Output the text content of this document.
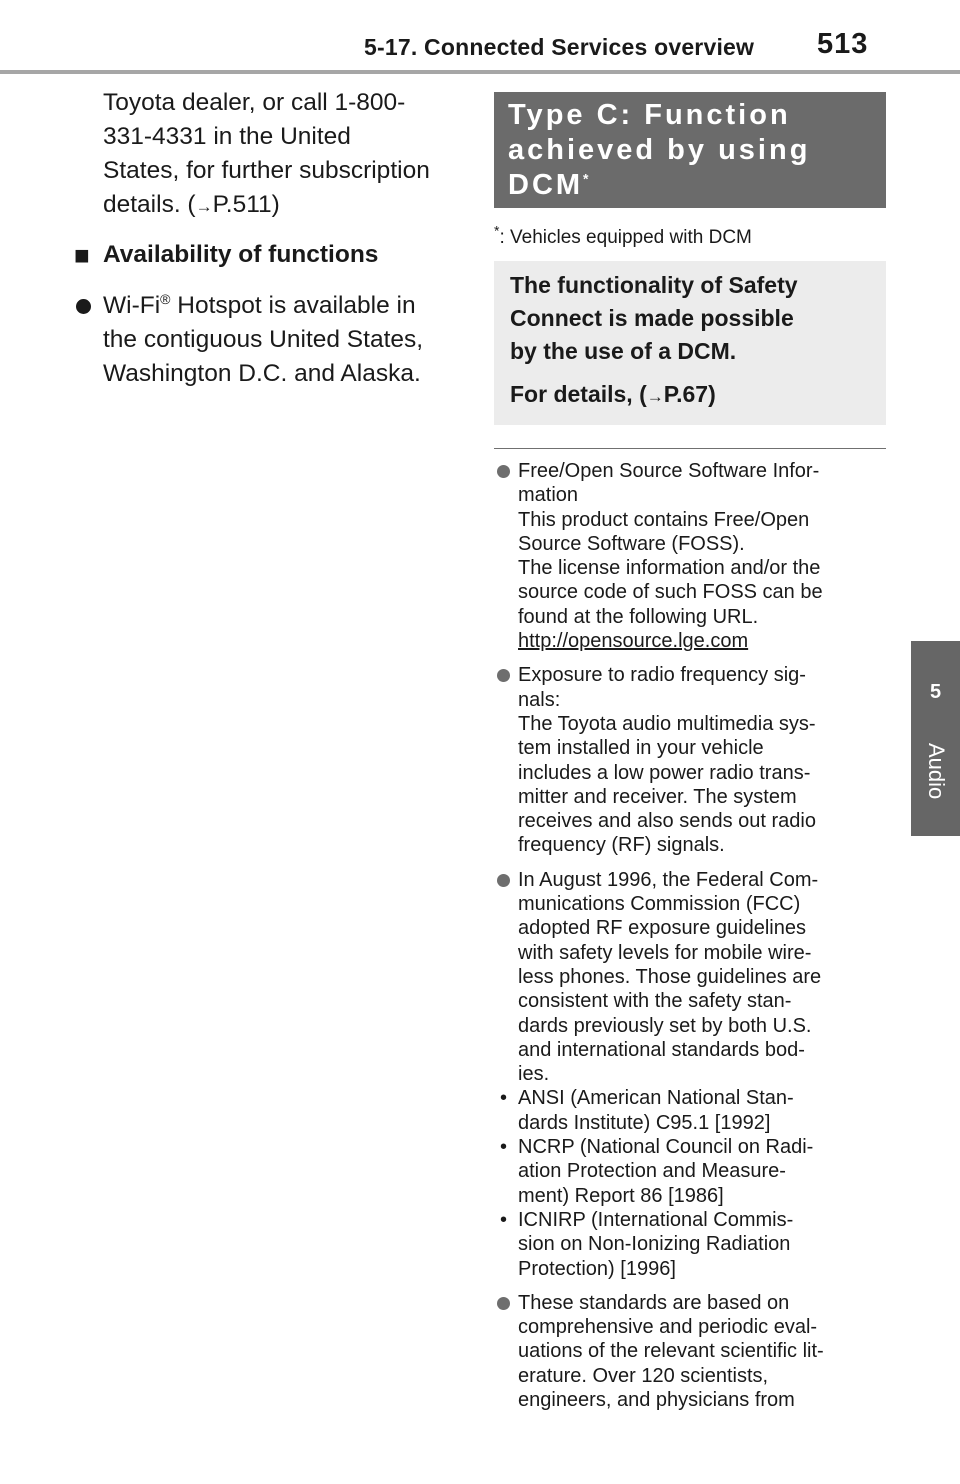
5-17. Connected Services overview 513
5
Audio
Toyota dealer, or call 1-800-
331-4331 in the United
States, for further subscription
details. (→P.511)
■ Availability of functions
Wi-Fi® Hotspot is available in
the contiguous United States,
Washington D.C. and Alaska.
Type C: Function
achieved by using
DCM*
*: Vehicles equipped with DCM
The functionality of Safety
Connect is made possible
by the use of a DCM.
For details, (→P.67)
Free/Open Source Software Infor-
mation
This product contains Free/Open
Source Software (FOSS).
The license information and/or the
source code of such FOSS can be
found at the following URL.
http://opensource.lge.com
Exposure to radio frequency sig-
nals:
The Toyota audio multimedia sys-
tem installed in your vehicle
includes a low power radio trans-
mitter and receiver. The system
receives and also sends out radio
frequency (RF) signals.
In August 1996, the Federal Com-
munications Commission (FCC)
adopted RF exposure guidelines
with safety levels for mobile wire-
less phones. Those guidelines are
consistent with the safety stan-
dards previously set by both U.S.
and international standards bod-
ies.
• ANSI (American National Stan-
dards Institute) C95.1 [1992]
• NCRP (National Council on Radi-
ation Protection and Measure-
ment) Report 86 [1986]
• ICNIRP (International Commis-
sion on Non-Ionizing Radiation
Protection) [1996]
These standards are based on
comprehensive and periodic eval-
uations of the relevant scientific lit-
erature. Over 120 scientists,
engineers, and physicians from
